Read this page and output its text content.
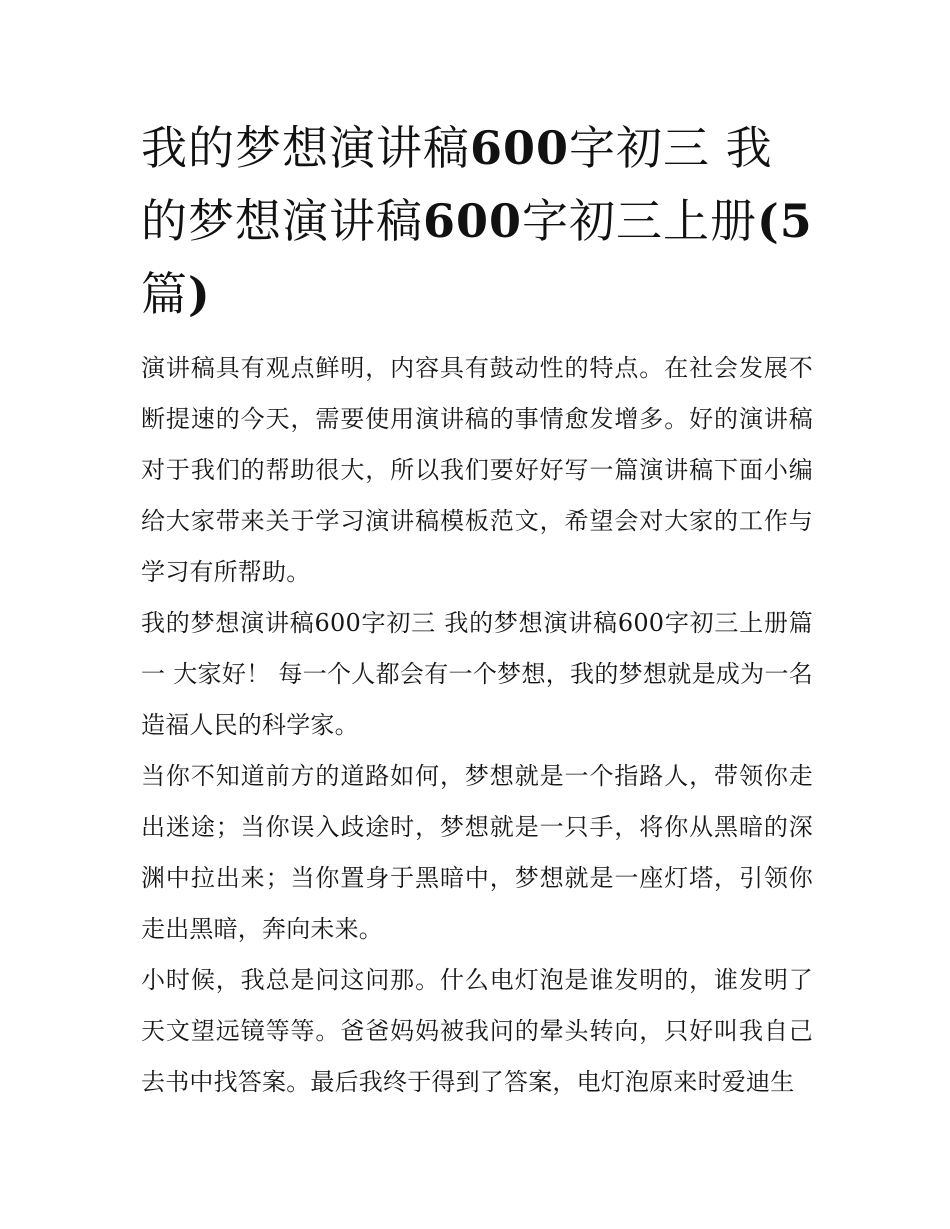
我的梦想演讲稿600字初三 我的梦想演讲稿600字初三上册(5篇)

演讲稿具有观点鲜明，内容具有鼓动性的特点。在社会发展不断提速的今天，需要使用演讲稿的事情愈发增多。好的演讲稿对于我们的帮助很大，所以我们要好好写一篇演讲稿下面小编给大家带来关于学习演讲稿模板范文，希望会对大家的工作与学习有所帮助。

我的梦想演讲稿600字初三 我的梦想演讲稿600字初三上册篇一 大家好！ 每一个人都会有一个梦想，我的梦想就是成为一名造福人民的科学家。

当你不知道前方的道路如何，梦想就是一个指路人，带领你走出迷途；当你误入歧途时，梦想就是一只手，将你从黑暗的深渊中拉出来；当你置身于黑暗中，梦想就是一座灯塔，引领你走出黑暗，奔向未来。

小时候，我总是问这问那。什么电灯泡是谁发明的，谁发明了天文望远镜等等。爸爸妈妈被我问的晕头转向，只好叫我自己去书中找答案。最后我终于得到了答案，电灯泡原来时爱迪生
